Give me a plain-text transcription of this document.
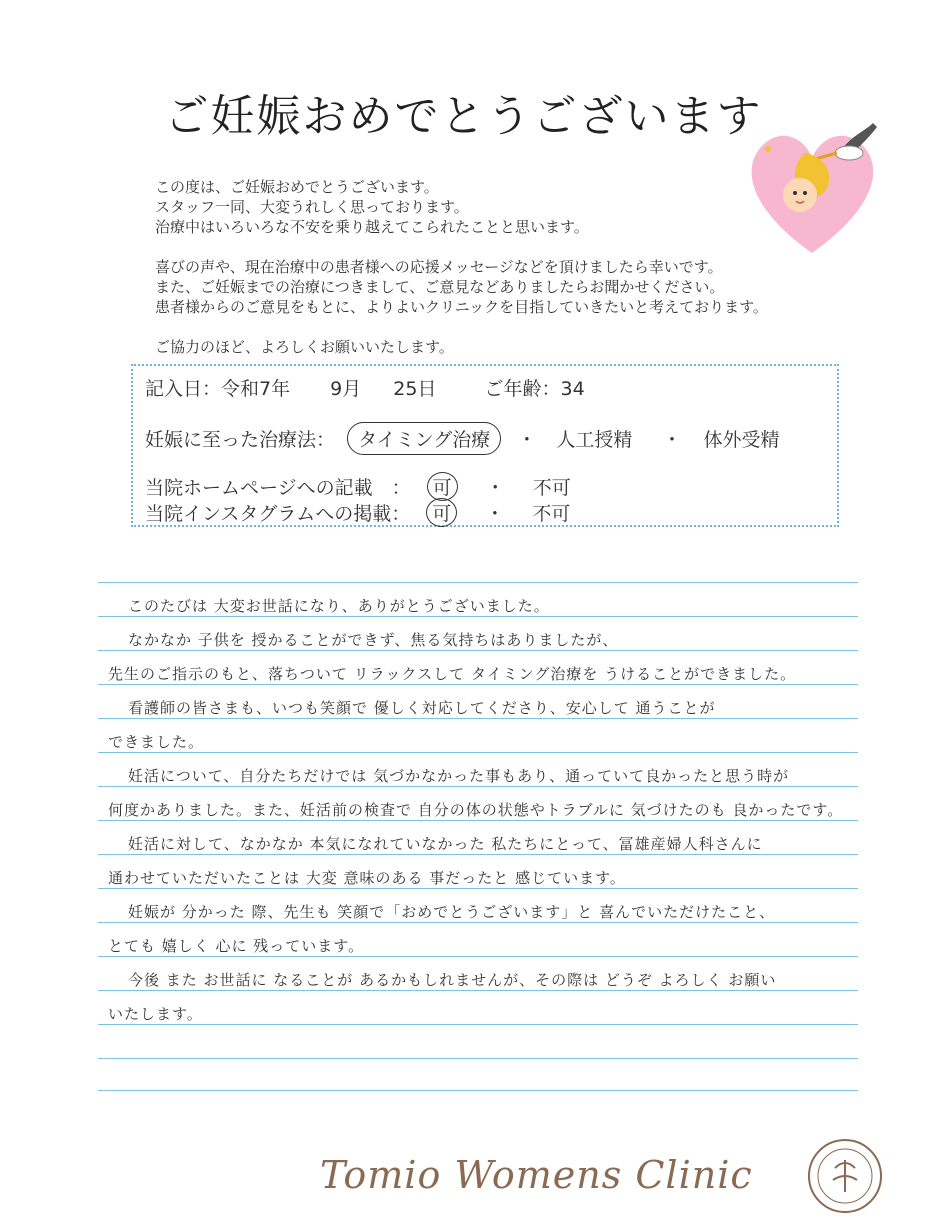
ご妊娠おめでとうございます

この度は、ご妊娠おめでとうございます。

スタッフ一同、大変うれしく思っております。

治療中はいろいろな不安を乗り越えてこられたことと思います。

喜びの声や、現在治療中の患者様への応援メッセージなどを頂けましたら幸いです。

また、ご妊娠までの治療につきまして、ご意見などありましたらお聞かせください。

患者様からのご意見をもとに、よりよいクリニックを目指していきたいと考えております。

ご協力のほど、よろしくお願いいたします。

記入日：令和7年 9月 25日	ご年齢：34
妊娠に至った治療法： タイミング治療 ・ 人工授精 ・ 体外受精
当院ホームページへの記載　： 可 ・ 不可
当院インスタグラムへの掲載： 可 ・ 不可
このたびは 大変お世話になり、ありがとうございました。
なかなか 子供を 授かることができず、焦る気持ちはありましたが、
先生のご指示のもと、落ちついて リラックスして タイミング治療を うけることができました。
看護師の皆さまも、いつも笑顔で 優しく対応してくださり、安心して 通うことが
できました。
妊活について、自分たちだけでは 気づかなかった事もあり、通っていて良かったと思う時が
何度かありました。また、妊活前の検査で 自分の体の状態やトラブルに 気づけたのも 良かったです。
妊活に対して、なかなか 本気になれていなかった 私たちにとって、冨雄産婦人科さんに
通わせていただいたことは 大変 意味のある 事だったと 感じています。
妊娠が 分かった 際、先生も 笑顔で「おめでとうございます」と 喜んでいただけたこと、
とても 嬉しく 心に 残っています。
今後 また お世話に なることが あるかもしれませんが、その際は どうぞ よろしく お願い
いたします。
Tomio Womens Clinic
